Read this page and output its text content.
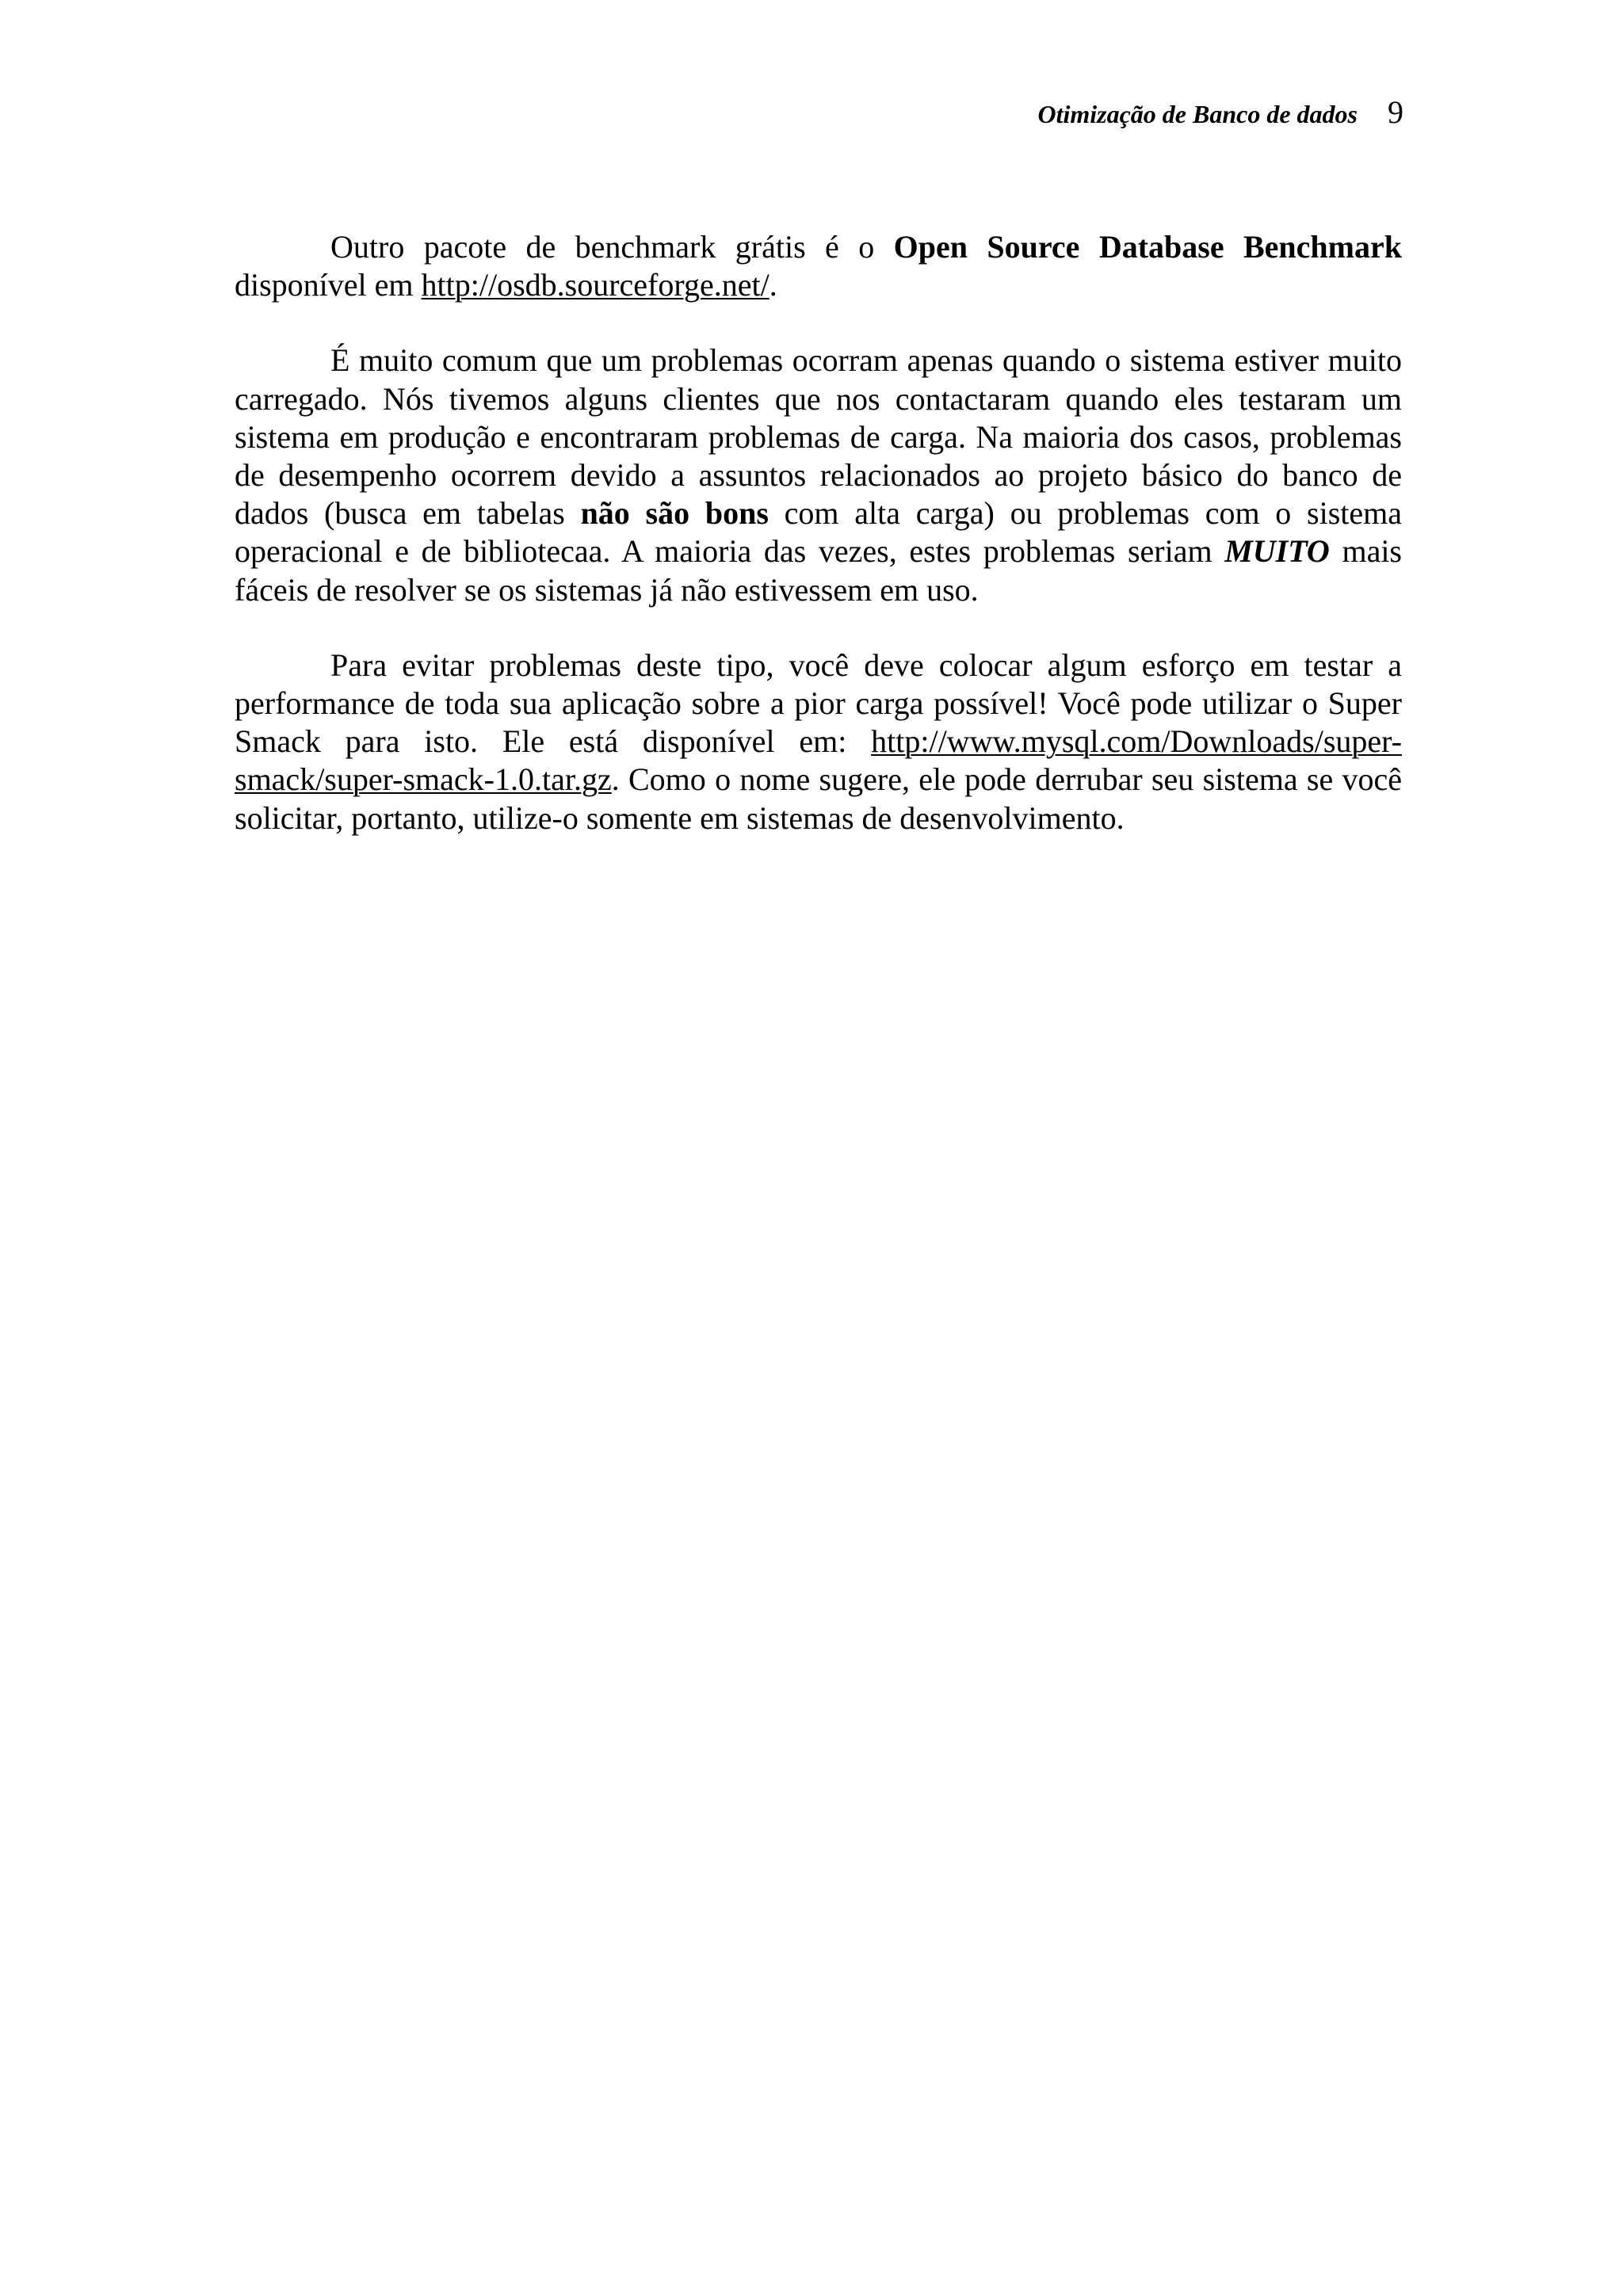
Otimização de Banco de dados 9

Outro pacote de benchmark grátis é o Open Source Database Benchmark disponível em http://osdb.sourceforge.net/.

É muito comum que um problemas ocorram apenas quando o sistema estiver muito carregado. Nós tivemos alguns clientes que nos contactaram quando eles testaram um sistema em produção e encontraram problemas de carga. Na maioria dos casos, problemas de desempenho ocorrem devido a assuntos relacionados ao projeto básico do banco de dados (busca em tabelas não são bons com alta carga) ou problemas com o sistema operacional e de bibliotecaa. A maioria das vezes, estes problemas seriam MUITO mais fáceis de resolver se os sistemas já não estivessem em uso.

Para evitar problemas deste tipo, você deve colocar algum esforço em testar a performance de toda sua aplicação sobre a pior carga possível! Você pode utilizar o Super Smack para isto. Ele está disponível em: http://www.mysql.com/Downloads/super-smack/super-smack-1.0.tar.gz. Como o nome sugere, ele pode derrubar seu sistema se você solicitar, portanto, utilize-o somente em sistemas de desenvolvimento.
